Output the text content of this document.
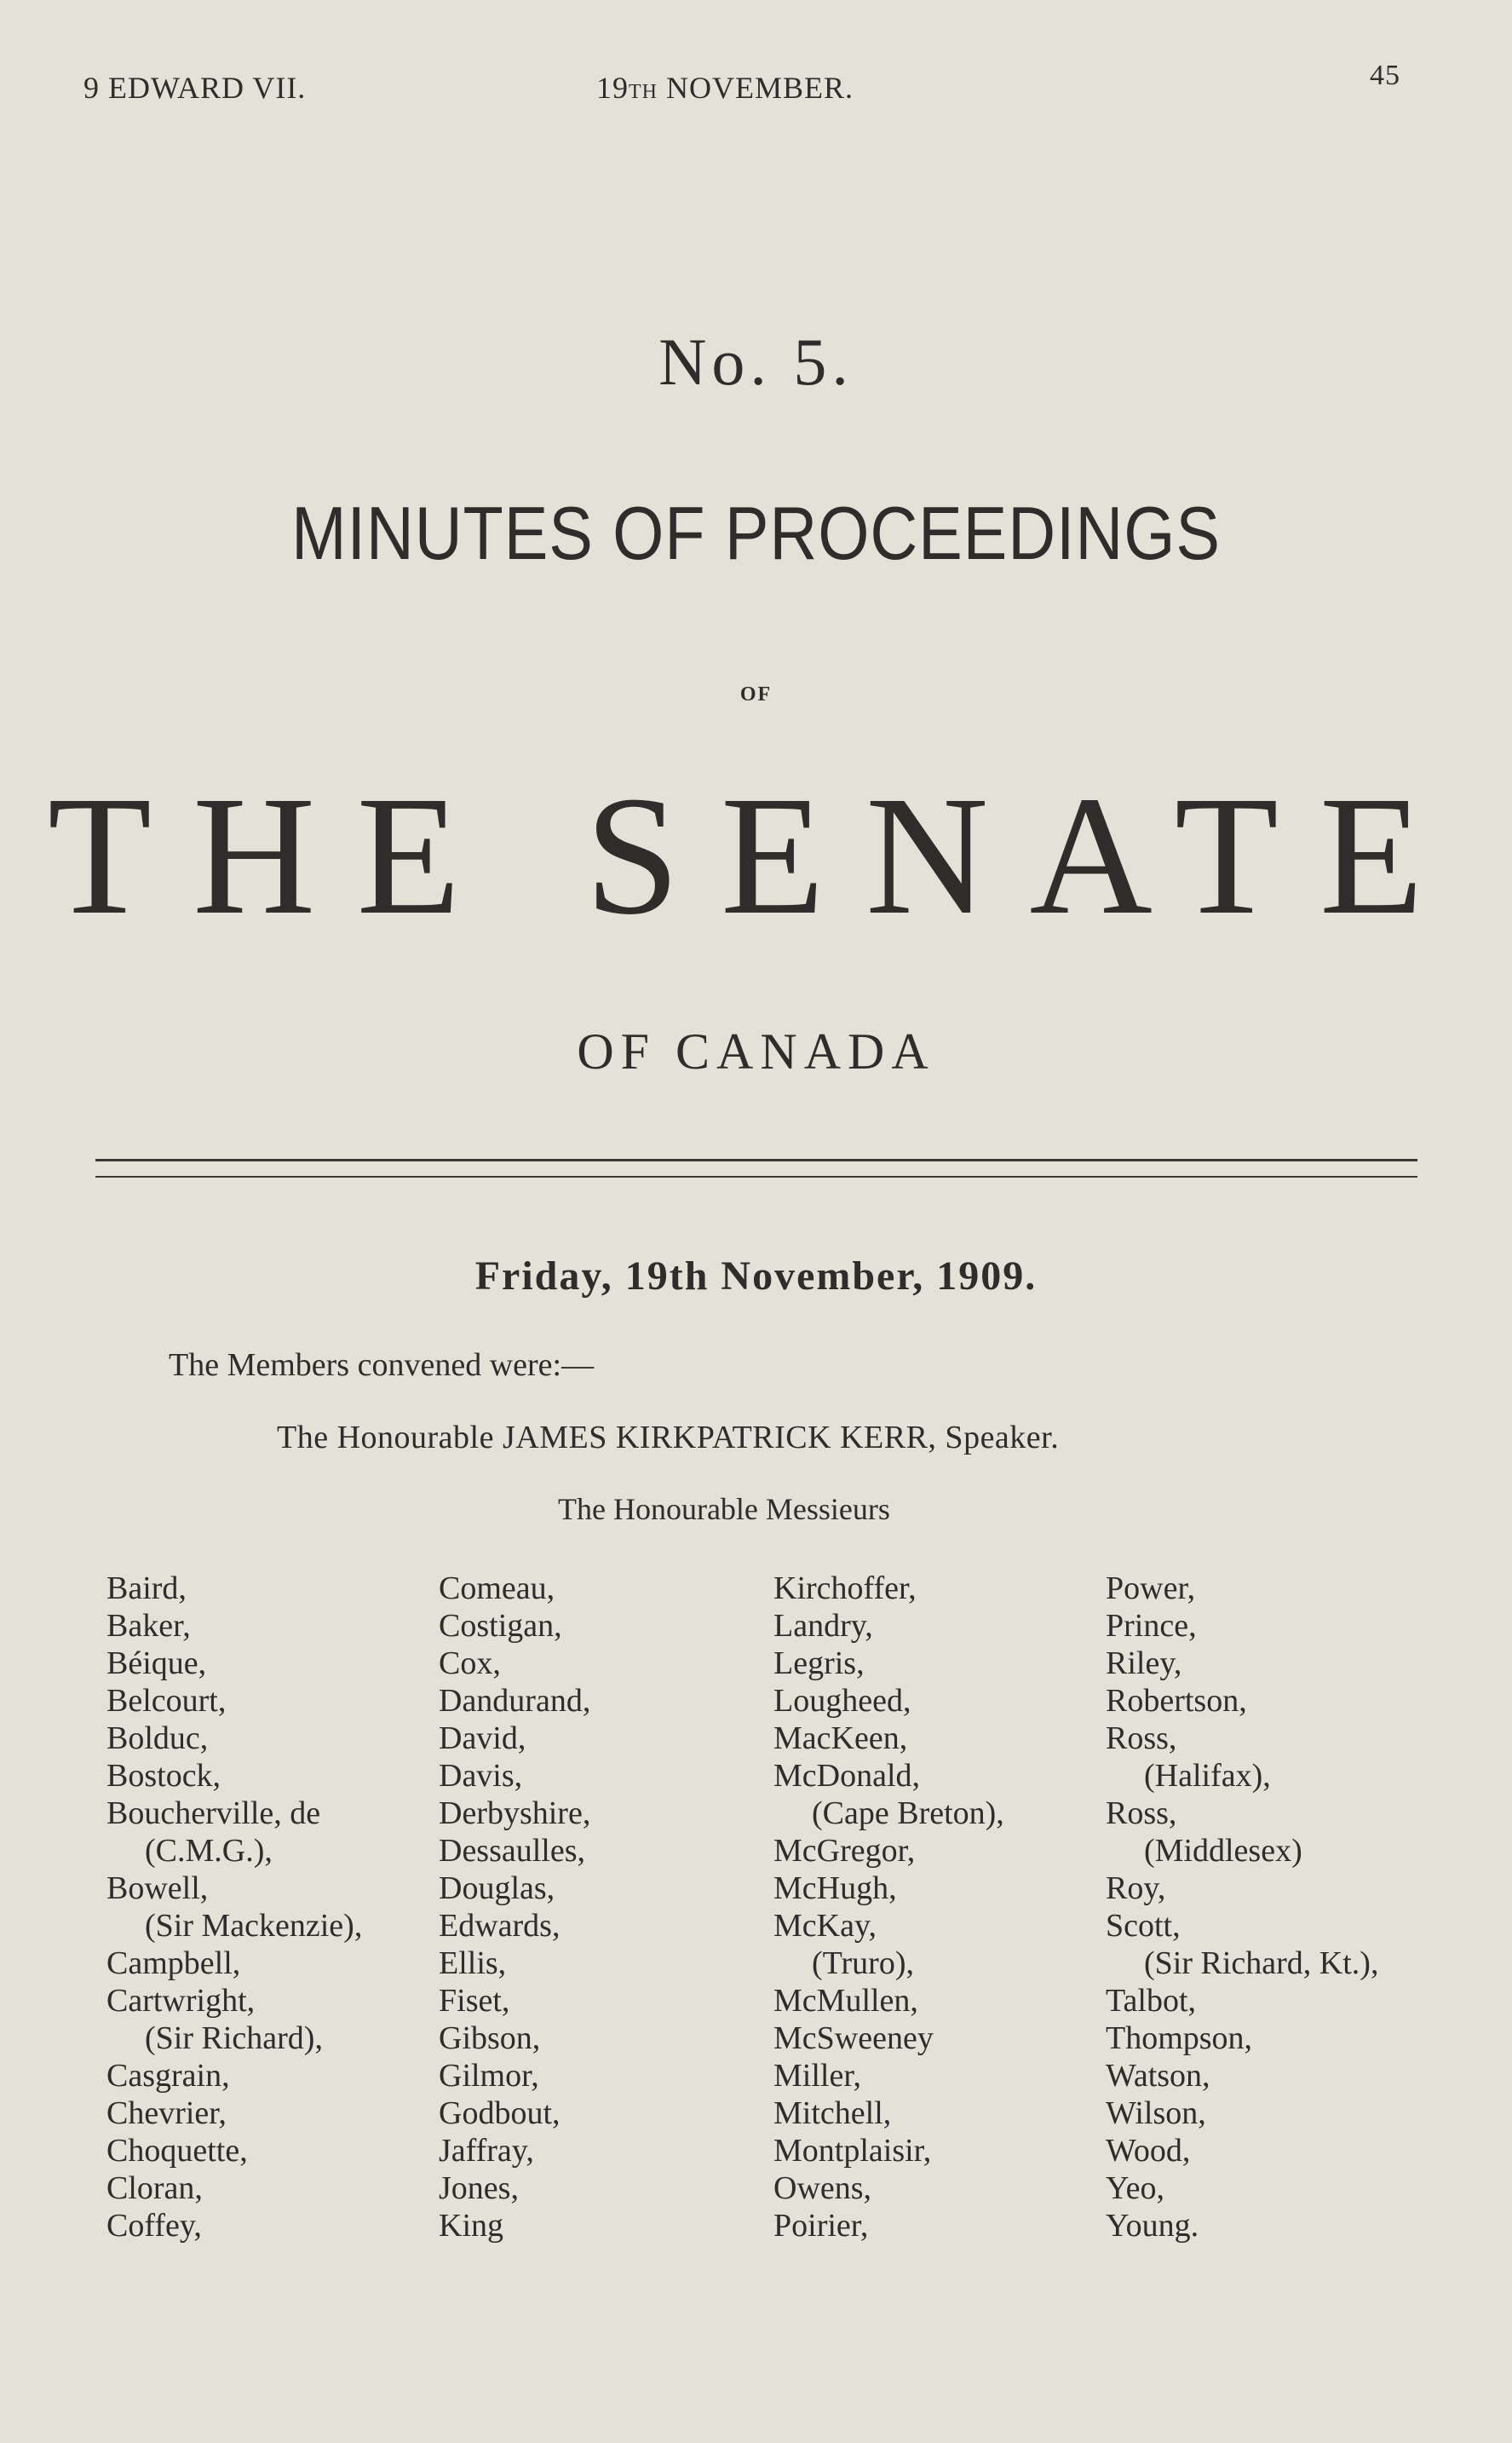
9 EDWARD VII.	19TH NOVEMBER.	45
No. 5.
MINUTES OF PROCEEDINGS
OF
THE SENATE
OF CANADA
Friday, 19th November, 1909.
The Members convened were:—
The Honourable JAMES KIRKPATRICK KERR, Speaker.
The Honourable Messieurs
Baird,
Baker,
Béique,
Belcourt,
Bolduc,
Bostock,
Boucherville, de
(C.M.G.),
Bowell,
(Sir Mackenzie),
Campbell,
Cartwright,
(Sir Richard),
Casgrain,
Chevrier,
Choquette,
Cloran,
Coffey,
Comeau,
Costigan,
Cox,
Dandurand,
David,
Davis,
Derbyshire,
Dessaulles,
Douglas,
Edwards,
Ellis,
Fiset,
Gibson,
Gilmor,
Godbout,
Jaffray,
Jones,
King
Kirchoffer,
Landry,
Legris,
Lougheed,
MacKeen,
McDonald,
(Cape Breton),
McGregor,
McHugh,
McKay,
(Truro),
McMullen,
McSweeney
Miller,
Mitchell,
Montplaisir,
Owens,
Poirier,
Power,
Prince,
Riley,
Robertson,
Ross,
(Halifax),
Ross,
(Middlesex)
Roy,
Scott,
(Sir Richard, Kt.),
Talbot,
Thompson,
Watson,
Wilson,
Wood,
Yeo,
Young.
